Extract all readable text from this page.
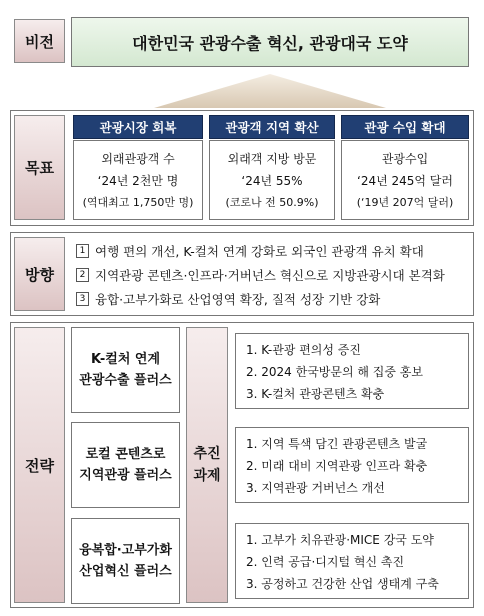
비전	대한민국 관광수출 혁신, 관광대국 도약
목표
관광시장 회복
외래관광객 수
‘24년 2천만 명
(역대최고 1,750만 명)
관광객 지역 확산
외래객 지방 방문
‘24년 55%
(코로나 전 50.9%)
관광 수입 확대
관광수입
‘24년 245억 달러
(‘19년 207억 달러)
방향
1 여행 편의 개선, K-컬처 연계 강화로 외국인 관광객 유치 확대
2 지역관광 콘텐츠·인프라·거버넌스 혁신으로 지방관광시대 본격화
3 융합·고부가화로 산업영역 확장, 질적 성장 기반 강화
전략
K-컬처 연계
관광수출 플러스
로컬 콘텐츠로
지역관광 플러스
융복합·고부가화
산업혁신 플러스
추진
과제
1. K-관광 편의성 증진
2. 2024 한국방문의 해 집중 홍보
3. K-컬처 관광콘텐츠 확충
1. 지역 특색 담긴 관광콘텐츠 발굴
2. 미래 대비 지역관광 인프라 확충
3. 지역관광 거버넌스 개선
1. 고부가 치유관광·MICE 강국 도약
2. 인력 공급·디지털 혁신 촉진
3. 공정하고 건강한 산업 생태계 구축
